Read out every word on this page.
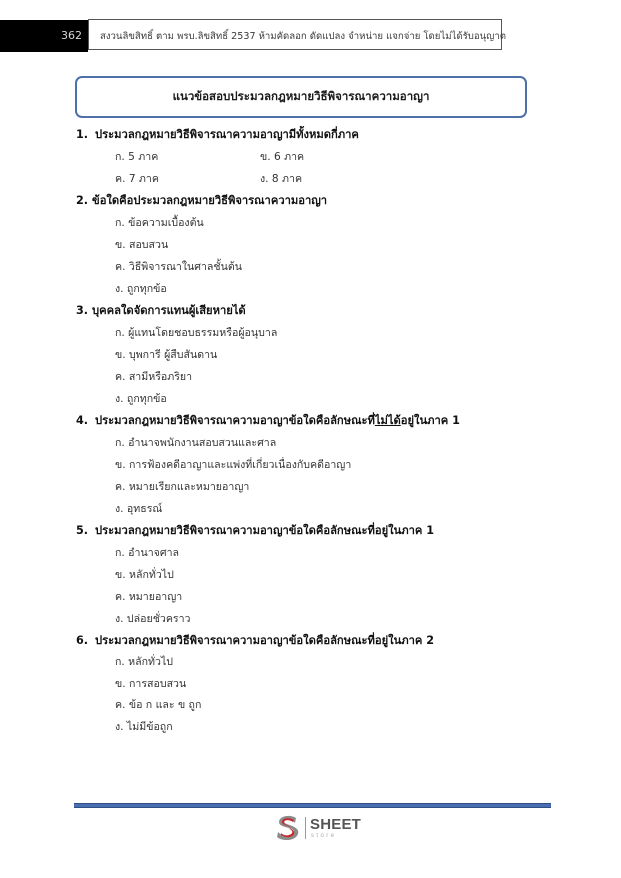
362 สงวนลิขสิทธิ์ ตาม พรบ.ลิขสิทธิ์ 2537 ห้ามคัดลอก ดัดแปลง จำหน่าย แจกจ่าย โดยไม่ได้รับอนุญาต
แนวข้อสอบประมวลกฎหมายวิธีพิจารณาความอาญา
1. ประมวลกฎหมายวิธีพิจารณาความอาญามีทั้งหมดกี่ภาค
ก. 5 ภาค	ข. 6 ภาค
ค. 7 ภาค	ง. 8 ภาค
2. ข้อใดคือประมวลกฎหมายวิธีพิจารณาความอาญา
ก. ข้อความเบื้องต้น
ข. สอบสวน
ค. วิธีพิจารณาในศาลชั้นต้น
ง. ถูกทุกข้อ
3. บุคคลใดจัดการแทนผู้เสียหายได้
ก. ผู้แทนโดยชอบธรรมหรือผู้อนุบาล
ข. บุพการี ผู้สืบสันดาน
ค. สามีหรือภริยา
ง. ถูกทุกข้อ
4. ประมวลกฎหมายวิธีพิจารณาความอาญาข้อใดคือลักษณะที่ไม่ได้อยู่ในภาค 1
ก. อำนาจพนักงานสอบสวนและศาล
ข. การฟ้องคดีอาญาและแพ่งที่เกี่ยวเนื่องกับคดีอาญา
ค. หมายเรียกและหมายอาญา
ง. อุทธรณ์
5. ประมวลกฎหมายวิธีพิจารณาความอาญาข้อใดคือลักษณะที่อยู่ในภาค 1
ก. อำนาจศาล
ข. หลักทั่วไป
ค. หมายอาญา
ง. ปล่อยชั่วคราว
6. ประมวลกฎหมายวิธีพิจารณาความอาญาข้อใดคือลักษณะที่อยู่ในภาค 2
ก. หลักทั่วไป
ข. การสอบสวน
ค. ข้อ ก และ ข ถูก
ง. ไม่มีข้อถูก
SHEET
store
